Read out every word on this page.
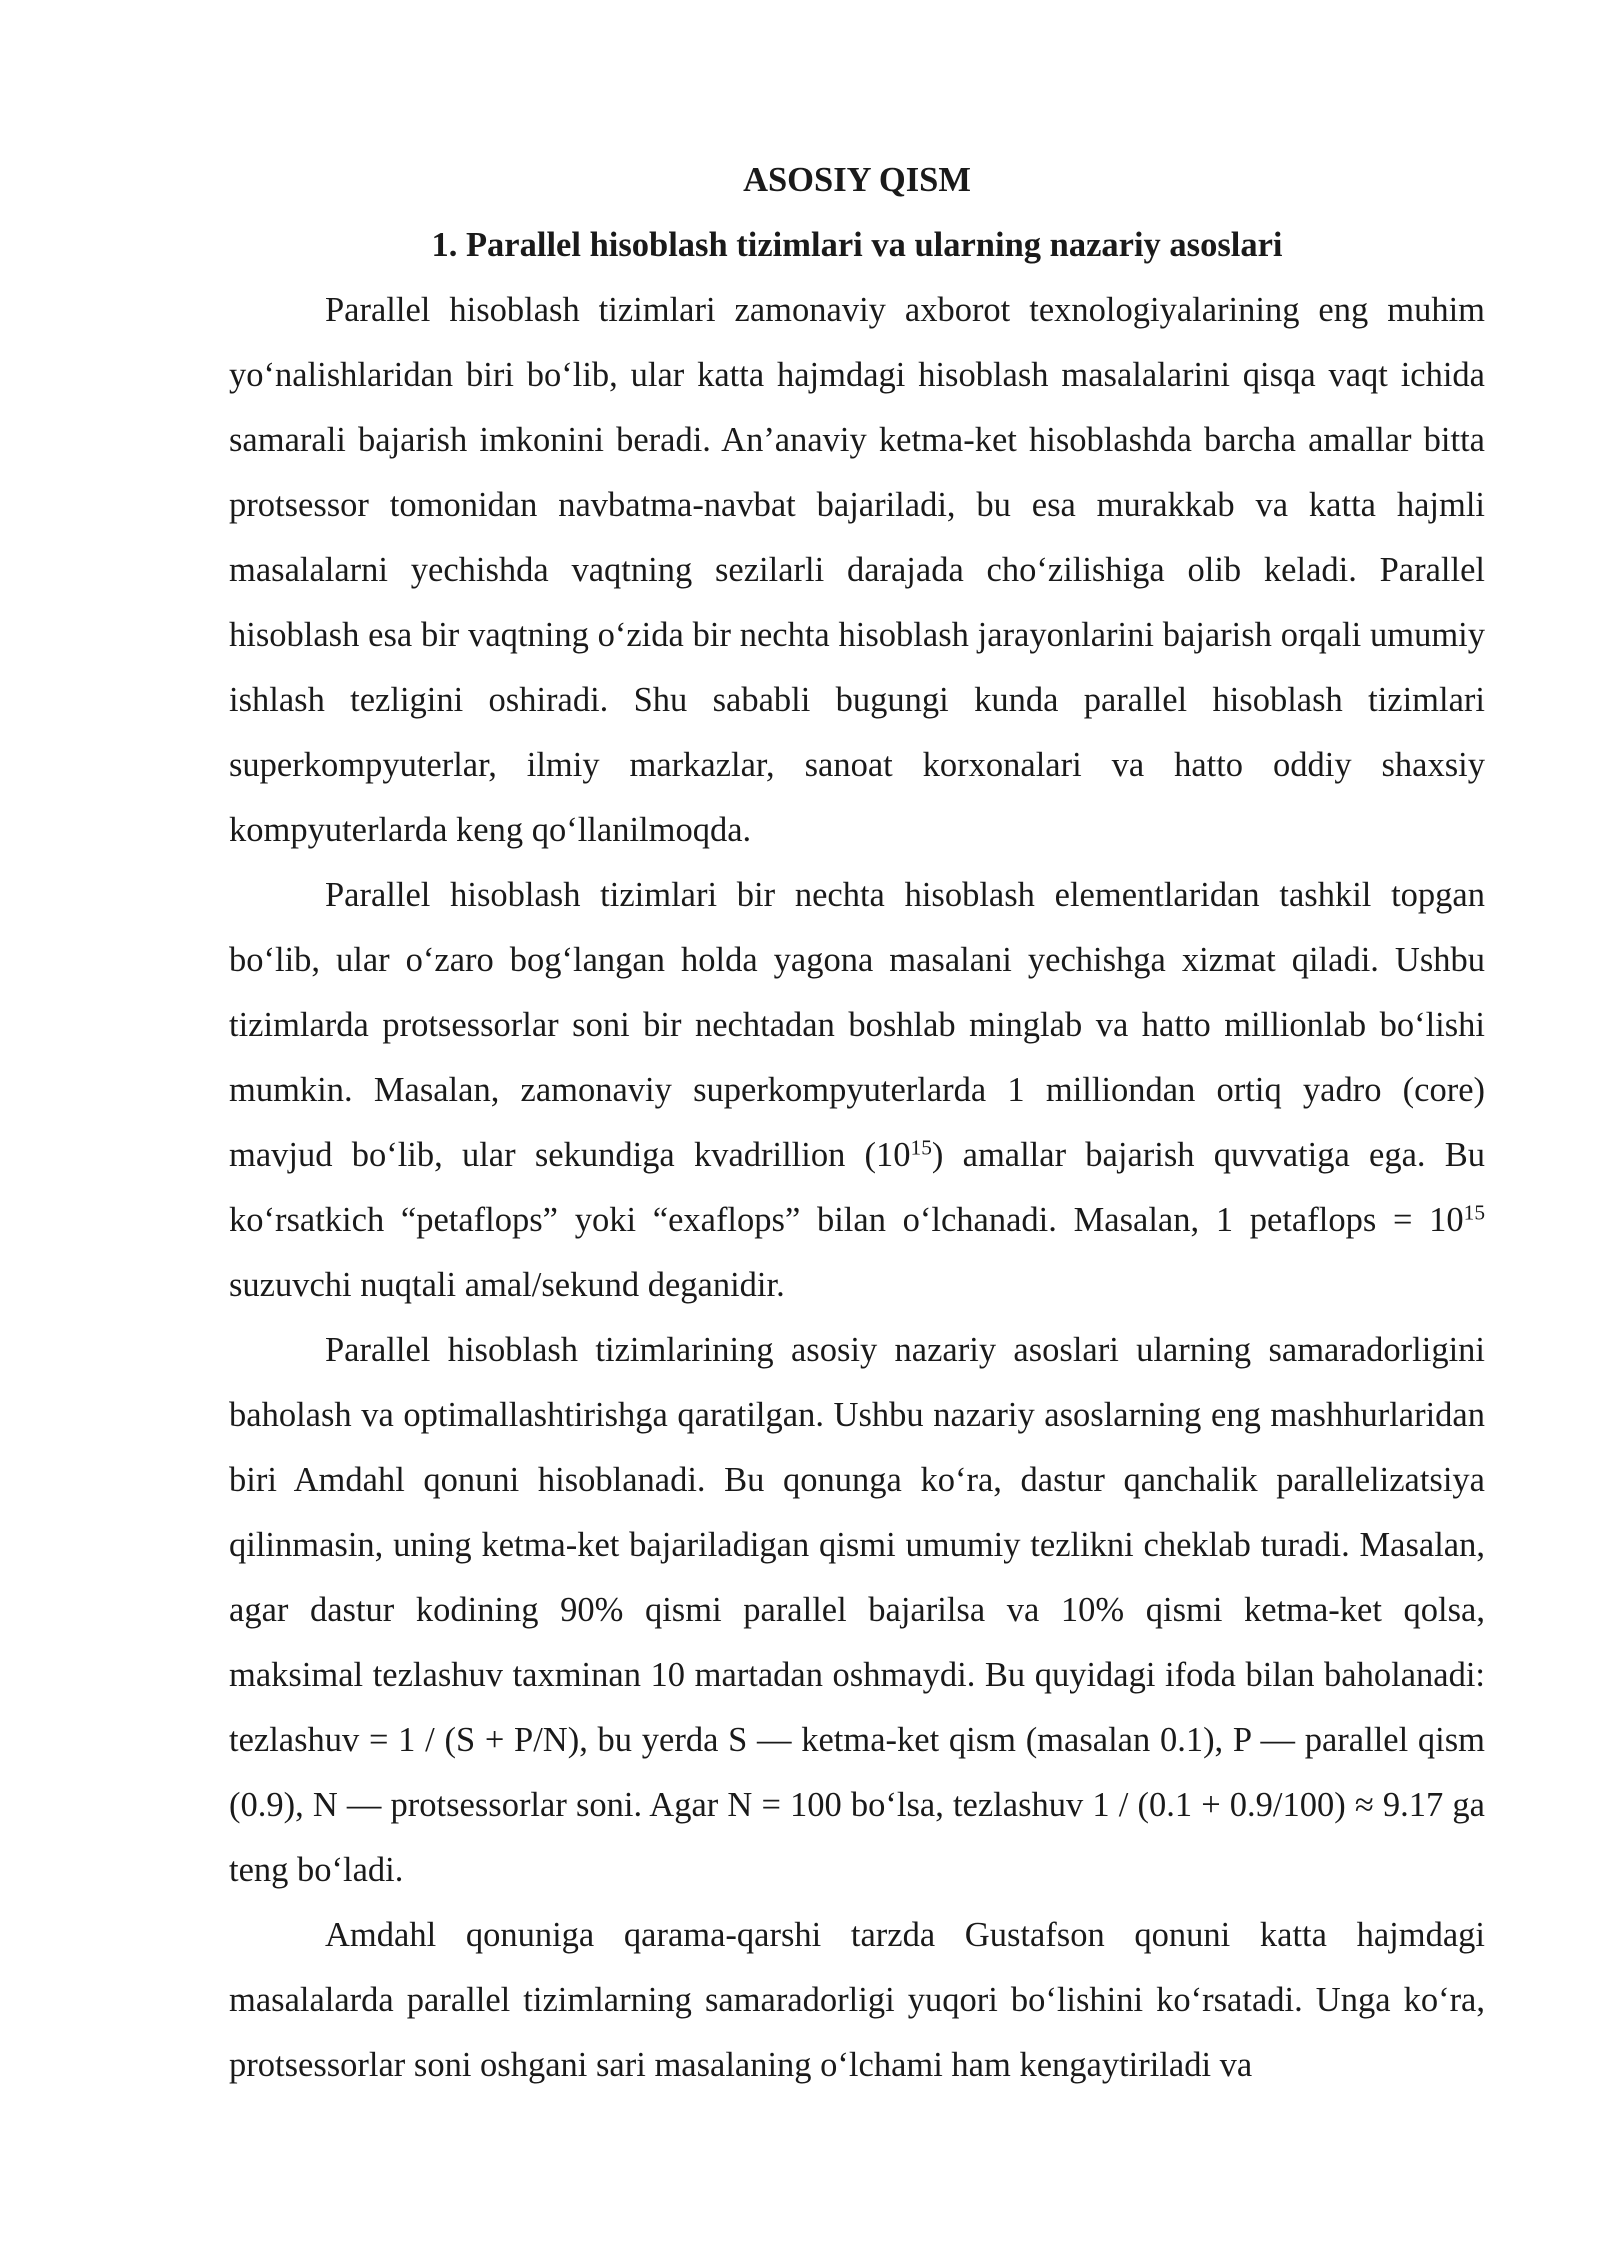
ASOSIY QISM

1. Parallel hisoblash tizimlari va ularning nazariy asoslari

Parallel hisoblash tizimlari zamonaviy axborot texnologiyalarining eng muhim yo‘nalishlaridan biri bo‘lib, ular katta hajmdagi hisoblash masalalarini qisqa vaqt ichida samarali bajarish imkonini beradi. An’anaviy ketma-ket hisoblashda barcha amallar bitta protsessor tomonidan navbatma-navbat bajariladi, bu esa murakkab va katta hajmli masalalarni yechishda vaqtning sezilarli darajada cho‘zilishiga olib keladi. Parallel hisoblash esa bir vaqtning o‘zida bir nechta hisoblash jarayonlarini bajarish orqali umumiy ishlash tezligini oshiradi. Shu sababli bugungi kunda parallel hisoblash tizimlari superkompyuterlar, ilmiy markazlar, sanoat korxonalari va hatto oddiy shaxsiy kompyuterlarda keng qo‘llanilmoqda.

Parallel hisoblash tizimlari bir nechta hisoblash elementlaridan tashkil topgan bo‘lib, ular o‘zaro bog‘langan holda yagona masalani yechishga xizmat qiladi. Ushbu tizimlarda protsessorlar soni bir nechtadan boshlab minglab va hatto millionlab bo‘lishi mumkin. Masalan, zamonaviy superkompyuterlarda 1 milliondan ortiq yadro (core) mavjud bo‘lib, ular sekundiga kvadrillion $(10^{15})$ amallar bajarish quvvatiga ega. Bu ko‘rsatkich “petaflops” yoki “exaflops” bilan o‘lchanadi. Masalan, 1 petaflops = $10^{15}$ suzuvchi nuqtali amal/sekund deganidir.

Parallel hisoblash tizimlarining asosiy nazariy asoslari ularning samaradorligini baholash va optimallashtirishga qaratilgan. Ushbu nazariy asoslarning eng mashhurlaridan biri Amdahl qonuni hisoblanadi. Bu qonunga ko‘ra, dastur qanchalik parallelizatsiya qilinmasin, uning ketma-ket bajariladigan qismi umumiy tezlikni cheklab turadi. Masalan, agar dastur kodining 90% qismi parallel bajarilsa va 10% qismi ketma-ket qolsa, maksimal tezlashuv taxminan 10 martadan oshmaydi. Bu quyidagi ifoda bilan baholanadi: tezlashuv = 1 / (S + P/N), bu yerda S — ketma-ket qism (masalan 0.1), P — parallel qism (0.9), N — protsessorlar soni. Agar N = 100 bo‘lsa, tezlashuv 1 / (0.1 + 0.9/100) ≈ 9.17 ga teng bo‘ladi.

Amdahl qonuniga qarama-qarshi tarzda Gustafson qonuni katta hajmdagi masalalarda parallel tizimlarning samaradorligi yuqori bo‘lishini ko‘rsatadi. Unga ko‘ra, protsessorlar soni oshgani sari masalaning o‘lchami ham kengaytiriladi va
